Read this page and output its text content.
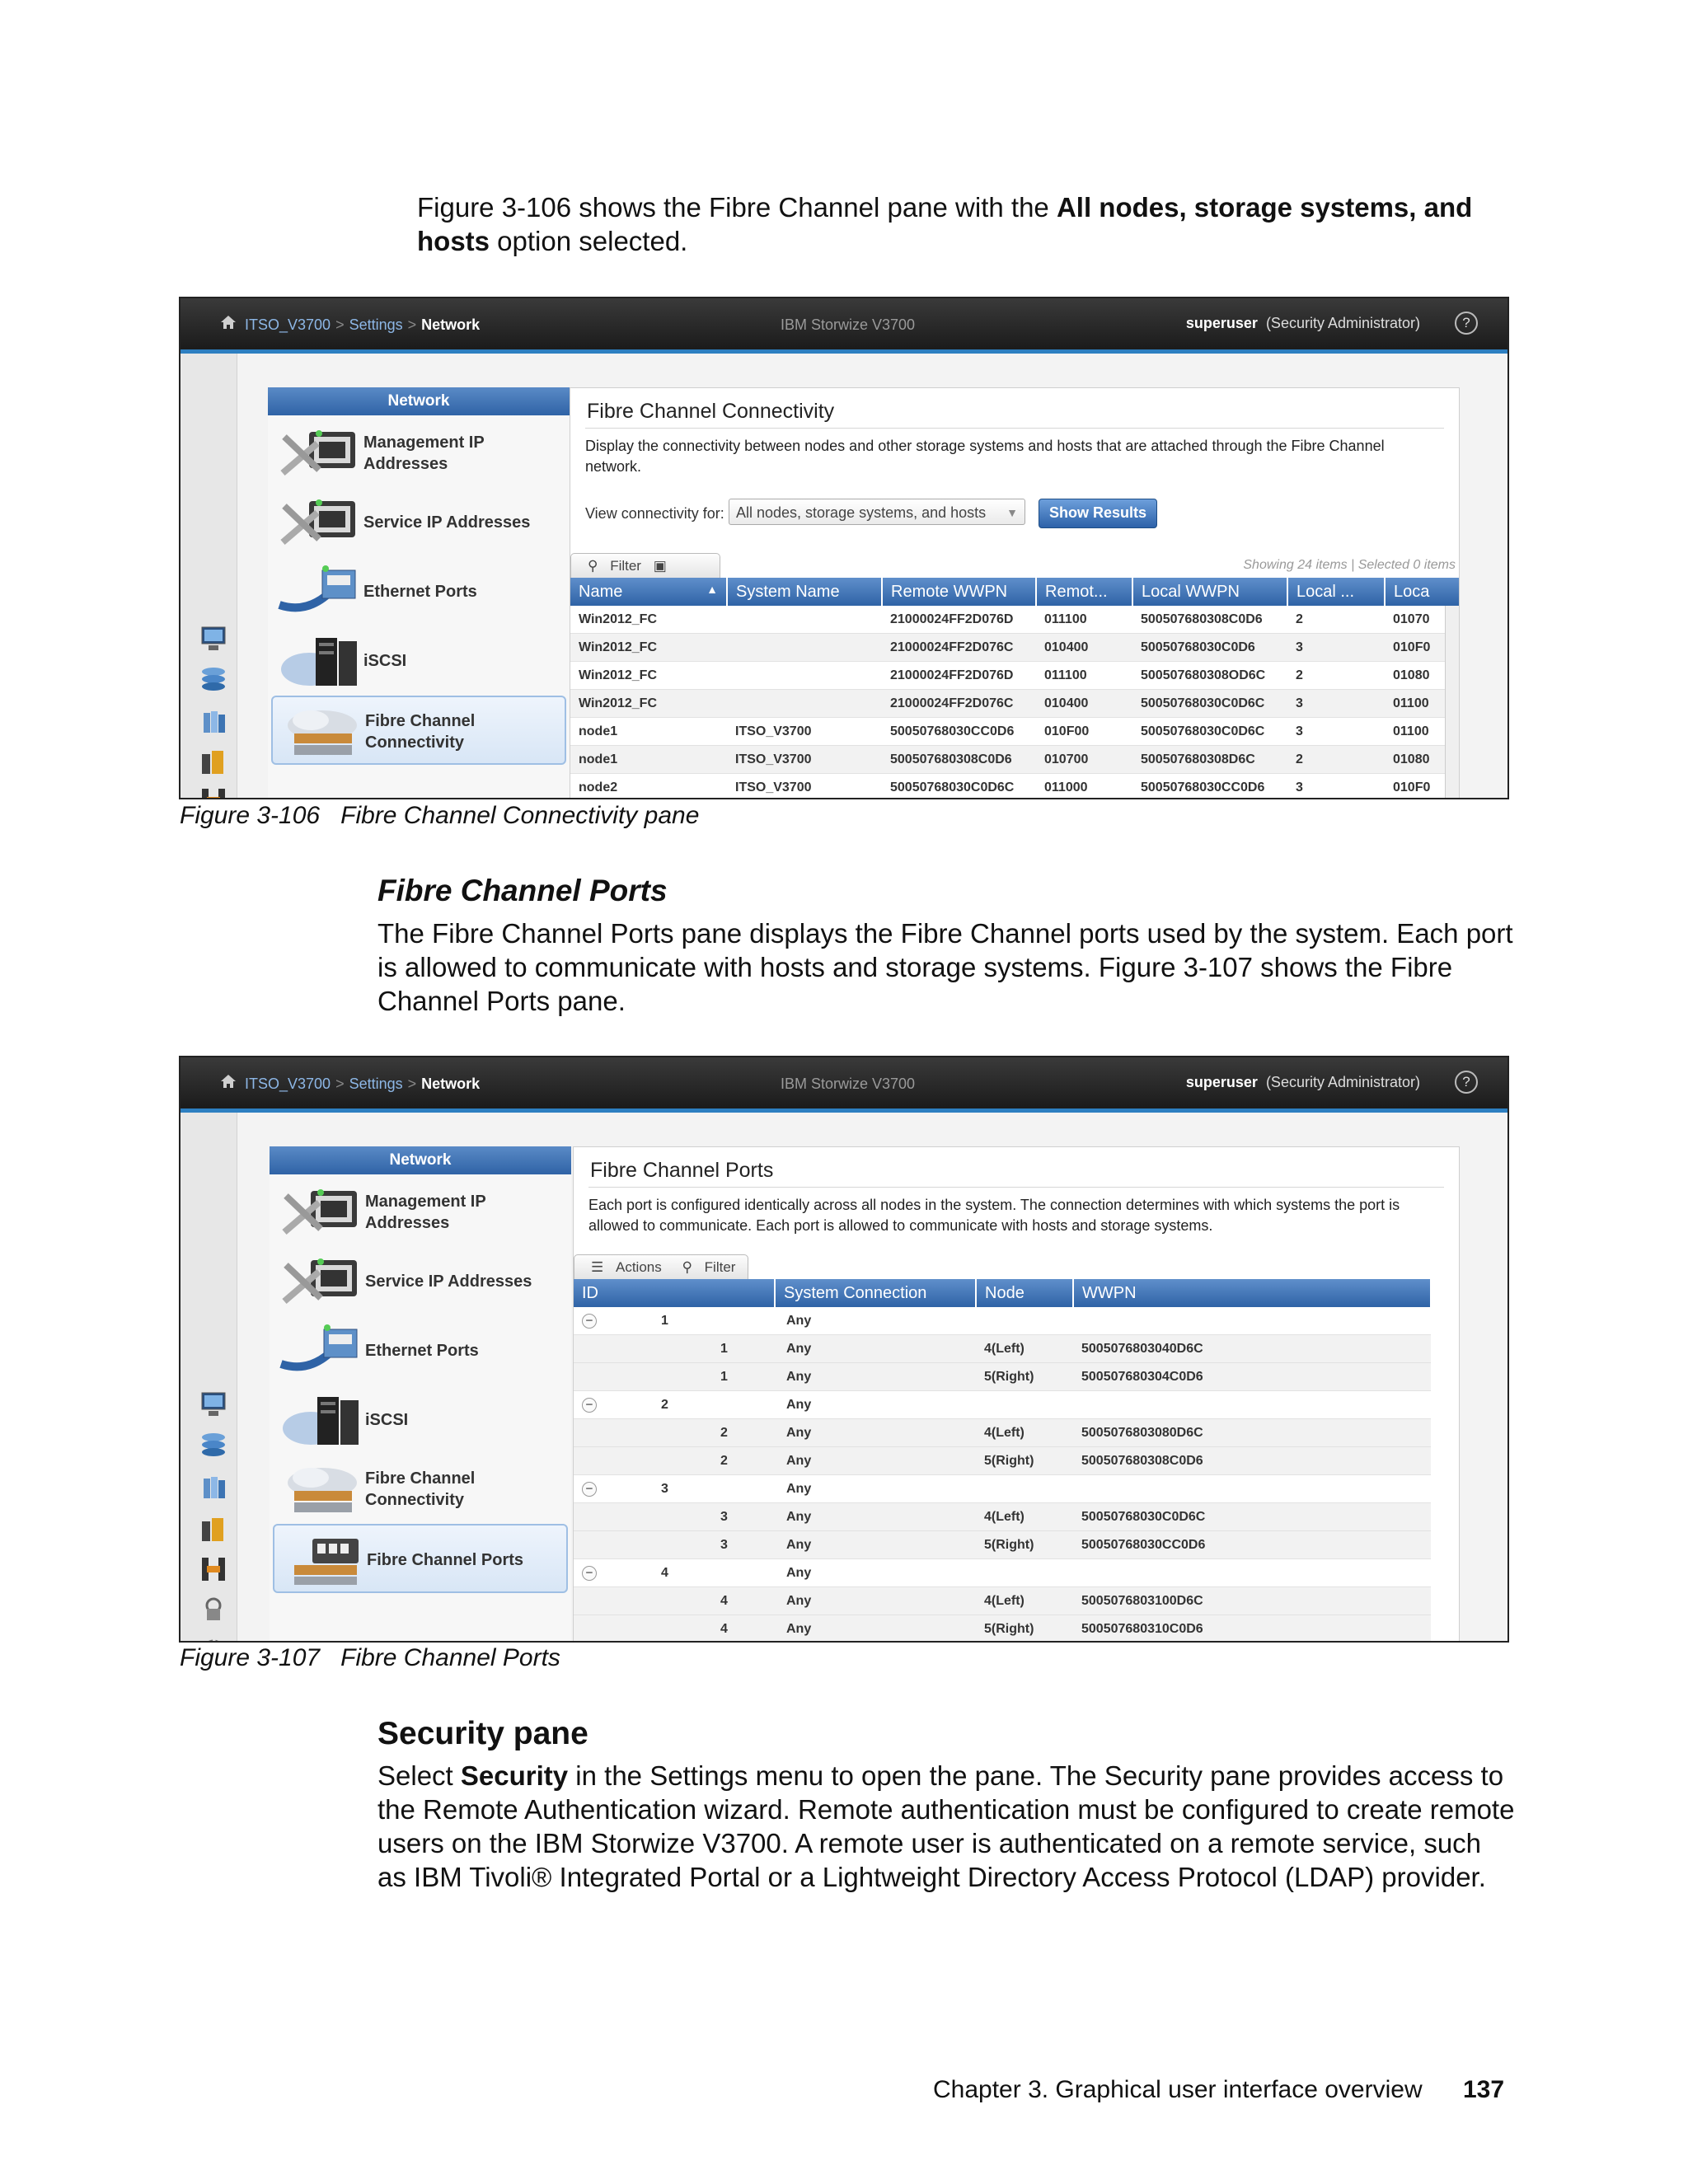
Figure 3-106 shows the Fibre Channel pane with the All nodes, storage systems, and hosts option selected.
ITSO_V3700 > Settings > Network	IBM Storwize V3700	superuser (Security Administrator)	?
Network
Management IP Addresses
Service IP Addresses
Ethernet Ports
iSCSI
Fibre Channel Connectivity
Fibre Channel Connectivity
Display the connectivity between nodes and other storage systems and hosts that are attached through the Fibre Channel network.
View connectivity for: All nodes, storage systems, and hosts ▼	Show Results
⚲ Filter ▣	Showing 24 items | Selected 0 items
Name ▲	System Name	Remote WWPN	Remot...	Local WWPN	Local ...	Loca
Win2012_FC		21000024FF2D076D	011100	500507680308C0D6	2	01070
Win2012_FC		21000024FF2D076C	010400	50050768030C0D6	3	010F0
Win2012_FC		21000024FF2D076D	011100	500507680308OD6C	2	01080
Win2012_FC		21000024FF2D076C	010400	50050768030C0D6C	3	01100
node1	ITSO_V3700	50050768030CC0D6	010F00	50050768030C0D6C	3	01100
node1	ITSO_V3700	500507680308C0D6	010700	500507680308D6C	2	01080
node2	ITSO_V3700	50050768030C0D6C	011000	50050768030CC0D6	3	010F0
Figure 3-106 Fibre Channel Connectivity pane
Fibre Channel Ports
The Fibre Channel Ports pane displays the Fibre Channel ports used by the system. Each port is allowed to communicate with hosts and storage systems. Figure 3-107 shows the Fibre Channel Ports pane.
ITSO_V3700 > Settings > Network	IBM Storwize V3700	superuser (Security Administrator)	?
Network
Management IP Addresses
Service IP Addresses
Ethernet Ports
iSCSI
Fibre Channel Connectivity
Fibre Channel Ports
Fibre Channel Ports
Each port is configured identically across all nodes in the system. The connection determines with which systems the port is allowed to communicate. Each port is allowed to communicate with hosts and storage systems.
☰ Actions ⚲ Filter
ID	System Connection	Node	WWPN
− 1	Any		
1	Any	4(Left)	5005076803040D6C
1	Any	5(Right)	500507680304C0D6
− 2	Any		
2	Any	4(Left)	5005076803080D6C
2	Any	5(Right)	500507680308C0D6
− 3	Any		
3	Any	4(Left)	50050768030C0D6C
3	Any	5(Right)	50050768030CC0D6
− 4	Any		
4	Any	4(Left)	5005076803100D6C
4	Any	5(Right)	500507680310C0D6
Figure 3-107 Fibre Channel Ports
Security pane
Select Security in the Settings menu to open the pane. The Security pane provides access to the Remote Authentication wizard. Remote authentication must be configured to create remote users on the IBM Storwize V3700. A remote user is authenticated on a remote service, such as IBM Tivoli® Integrated Portal or a Lightweight Directory Access Protocol (LDAP) provider.
Chapter 3. Graphical user interface overview 137
